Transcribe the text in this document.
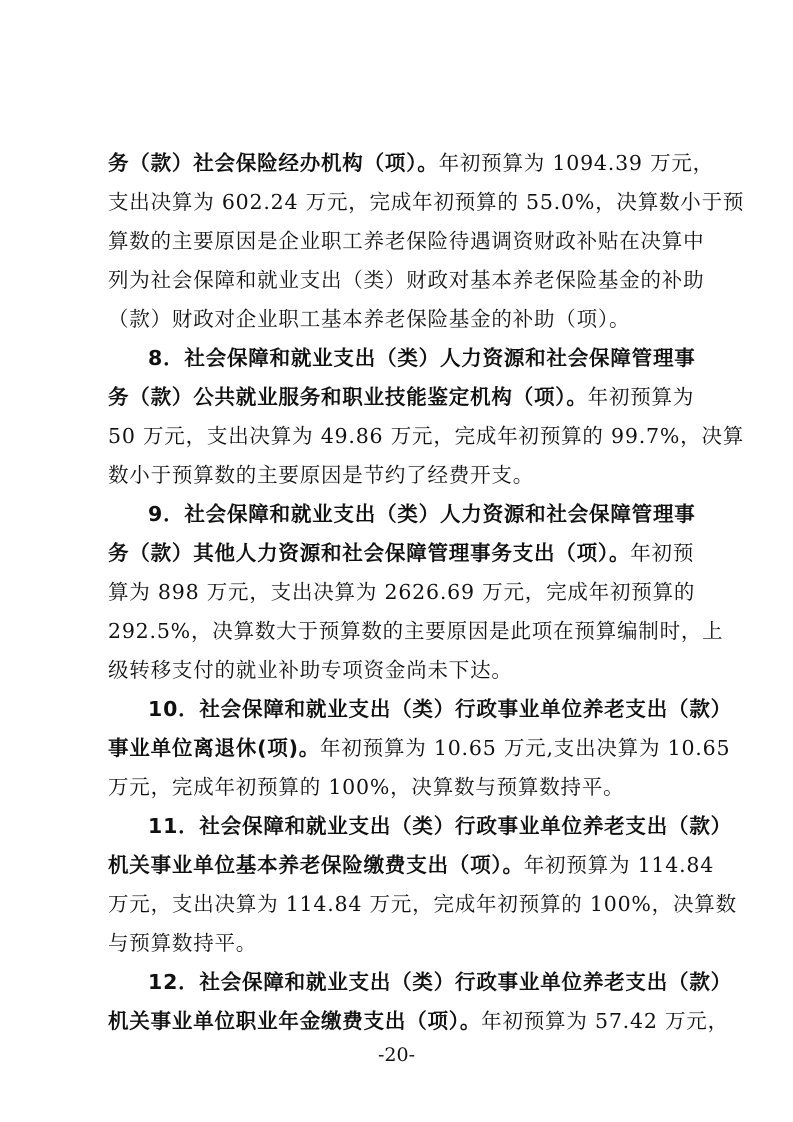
务（款）社会保险经办机构（项）。年初预算为 1094.39 万元，
支出决算为 602.24 万元，完成年初预算的 55.0%，决算数小于预
算数的主要原因是企业职工养老保险待遇调资财政补贴在决算中
列为社会保障和就业支出（类）财政对基本养老保险基金的补助
（款）财政对企业职工基本养老保险基金的补助（项）。
8．社会保障和就业支出（类）人力资源和社会保障管理事
务（款）公共就业服务和职业技能鉴定机构（项）。年初预算为
50 万元，支出决算为 49.86 万元，完成年初预算的 99.7%，决算
数小于预算数的主要原因是节约了经费开支。
9．社会保障和就业支出（类）人力资源和社会保障管理事
务（款）其他人力资源和社会保障管理事务支出（项）。年初预
算为 898 万元，支出决算为 2626.69 万元，完成年初预算的
292.5%，决算数大于预算数的主要原因是此项在预算编制时，上
级转移支付的就业补助专项资金尚未下达。
10．社会保障和就业支出（类）行政事业单位养老支出（款）
事业单位离退休(项)。年初预算为 10.65 万元,支出决算为 10.65
万元，完成年初预算的 100%，决算数与预算数持平。
11．社会保障和就业支出（类）行政事业单位养老支出（款）
机关事业单位基本养老保险缴费支出（项）。年初预算为 114.84
万元，支出决算为 114.84 万元，完成年初预算的 100%，决算数
与预算数持平。
12．社会保障和就业支出（类）行政事业单位养老支出（款）
机关事业单位职业年金缴费支出（项）。年初预算为 57.42 万元，
-20-
